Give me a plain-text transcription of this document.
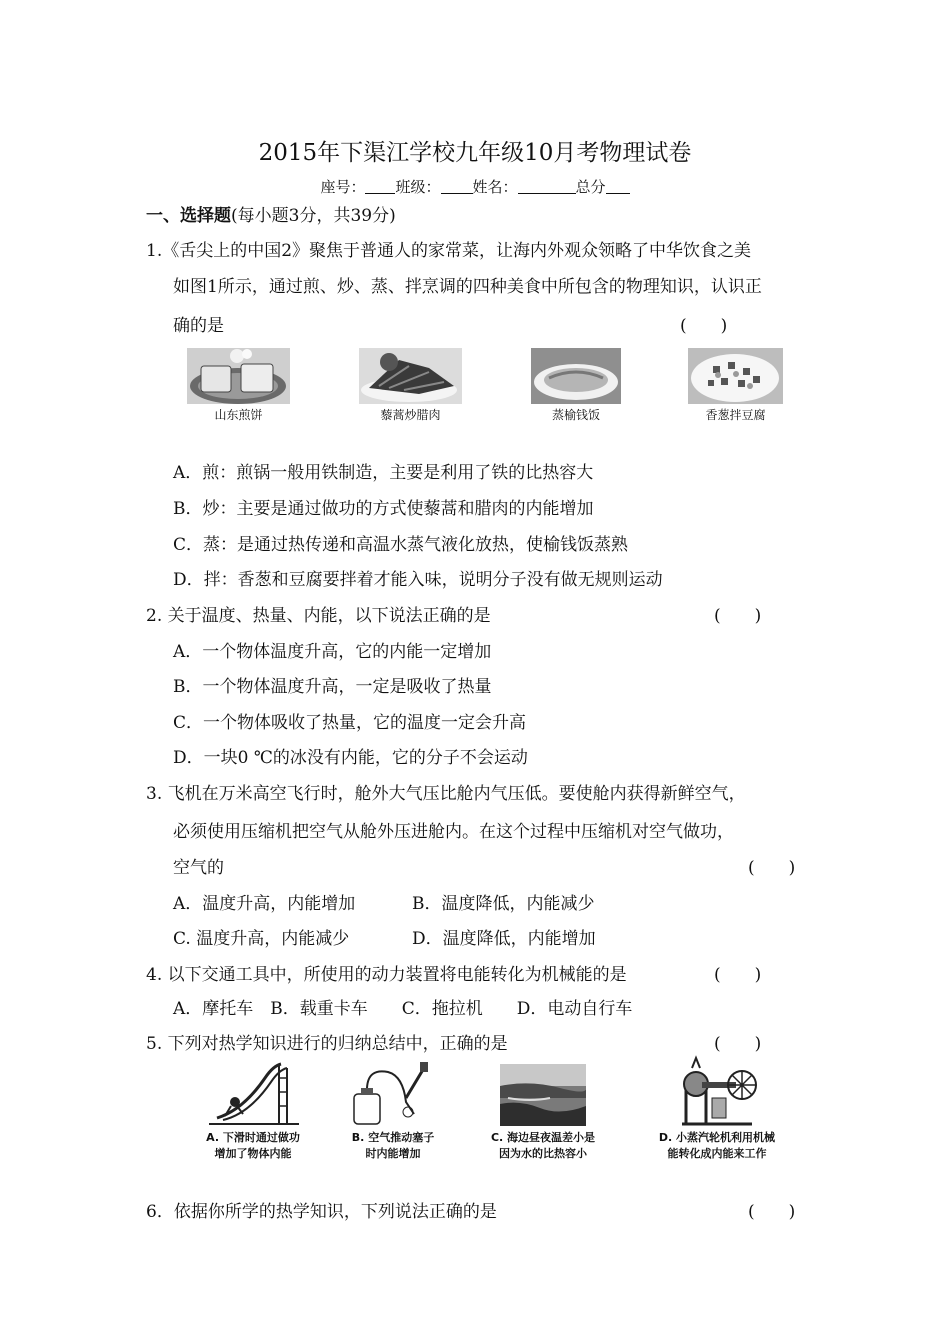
2015年下渠江学校九年级10月考物理试卷
座号： 班级： 姓名：	总分
一、选择题(每小题3分，共39分)
1.《舌尖上的中国2》聚焦于普通人的家常菜，让海内外观众领略了中华饮食之美
如图1所示，通过煎、炒、蒸、拌烹调的四种美食中所包含的物理知识，认识正
确的是	(　　)
山东煎饼	藜蒿炒腊肉	蒸榆钱饭	香葱拌豆腐
A．煎：煎锅一般用铁制造，主要是利用了铁的比热容大
B．炒：主要是通过做功的方式使藜蒿和腊肉的内能增加
C．蒸：是通过热传递和高温水蒸气液化放热，使榆钱饭蒸熟
D．拌：香葱和豆腐要拌着才能入味，说明分子没有做无规则运动
2. 关于温度、热量、内能，以下说法正确的是	(　　)
A．一个物体温度升高，它的内能一定增加
B．一个物体温度升高，一定是吸收了热量
C．一个物体吸收了热量，它的温度一定会升高
D．一块0 ℃的冰没有内能，它的分子不会运动
3. 飞机在万米高空飞行时，舱外大气压比舱内气压低。要使舱内获得新鲜空气，
必须使用压缩机把空气从舱外压进舱内。在这个过程中压缩机对空气做功，
空气的	(　　)
A．温度升高，内能增加	B．温度降低，内能减少
C. 温度升高，内能减少	D．温度降低，内能增加
4. 以下交通工具中，所使用的动力装置将电能转化为机械能的是	(　　)
A．摩托车　B．载重卡车　　C．拖拉机　　D．电动自行车
5. 下列对热学知识进行的归纳总结中，正确的是	(　　)
A. 下滑时通过做功
增加了物体内能
B. 空气推动塞子
时内能增加
C. 海边昼夜温差小是
因为水的比热容小
D. 小蒸汽轮机利用机械
能转化成内能来工作
6．依据你所学的热学知识，下列说法正确的是	(　　)
